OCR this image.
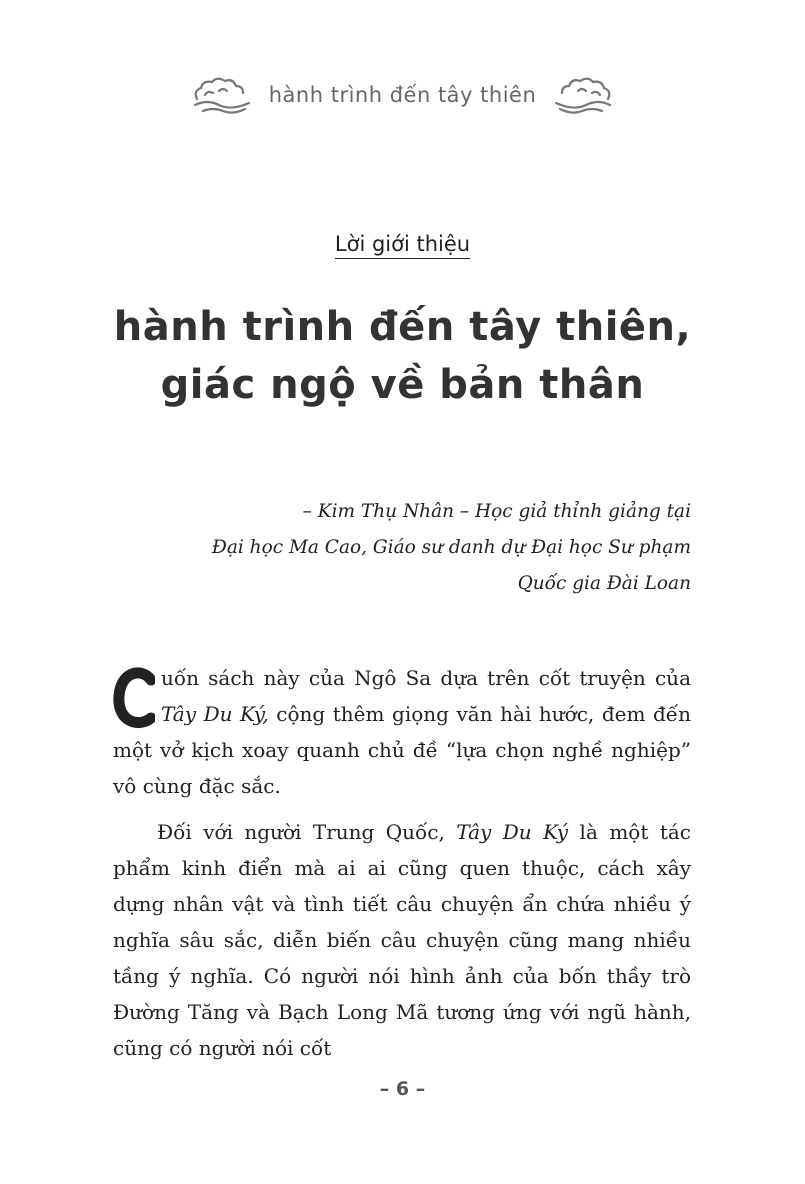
hành trình đến tây thiên
Lời giới thiệu
hành trình đến tây thiên,
giác ngộ về bản thân
– Kim Thụ Nhân – Học giả thỉnh giảng tại
Đại học Ma Cao, Giáo sư danh dự Đại học Sư phạm
Quốc gia Đài Loan

uốn sách này của Ngô Sa dựa trên cốt truyện của Tây Du Ký, cộng thêm giọng văn hài hước, đem đến một vở kịch xoay quanh chủ đề “lựa chọn nghề nghiệp” vô cùng đặc sắc.

Đối với người Trung Quốc, Tây Du Ký là một tác phẩm kinh điển mà ai ai cũng quen thuộc, cách xây dựng nhân vật và tình tiết câu chuyện ẩn chứa nhiều ý nghĩa sâu sắc, diễn biến câu chuyện cũng mang nhiều tầng ý nghĩa. Có người nói hình ảnh của bốn thầy trò Đường Tăng và Bạch Long Mã tương ứng với ngũ hành, cũng có người nói cốt

– 6 –
